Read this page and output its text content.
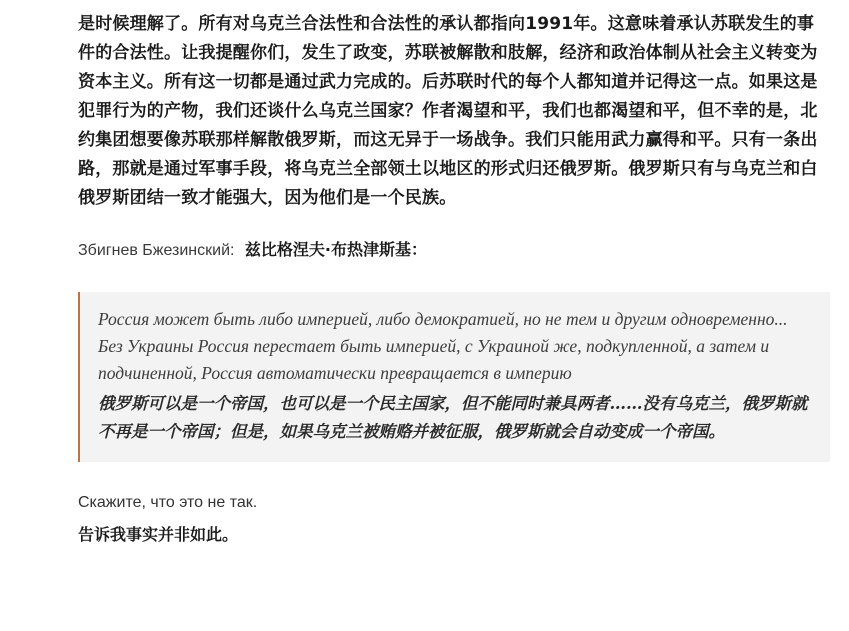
是时候理解了。所有对乌克兰合法性和合法性的承认都指向1991年。这意味着承认苏联发生的事件的合法性。让我提醒你们，发生了政变，苏联被解散和肢解，经济和政治体制从社会主义转变为资本主义。所有这一切都是通过武力完成的。后苏联时代的每个人都知道并记得这一点。如果这是犯罪行为的产物，我们还谈什么乌克兰国家？作者渴望和平，我们也都渴望和平，但不幸的是，北约集团想要像苏联那样解散俄罗斯，而这无异于一场战争。我们只能用武力赢得和平。只有一条出路，那就是通过军事手段，将乌克兰全部领土以地区的形式归还俄罗斯。俄罗斯只有与乌克兰和白俄罗斯团结一致才能强大，因为他们是一个民族。

Збигнев Бжезинский: 兹比格涅夫·布热津斯基：

Россия может быть либо империей, либо демократией, но не тем и другим одновременно... Без Украины Россия перестает быть империей, с Украиной же, подкупленной, а затем и подчиненной, Россия автоматически превращается в империю

俄罗斯可以是一个帝国，也可以是一个民主国家，但不能同时兼具两者……没有乌克兰，俄罗斯就不再是一个帝国；但是，如果乌克兰被贿赂并被征服，俄罗斯就会自动变成一个帝国。

Скажите, что это не так.

告诉我事实并非如此。
